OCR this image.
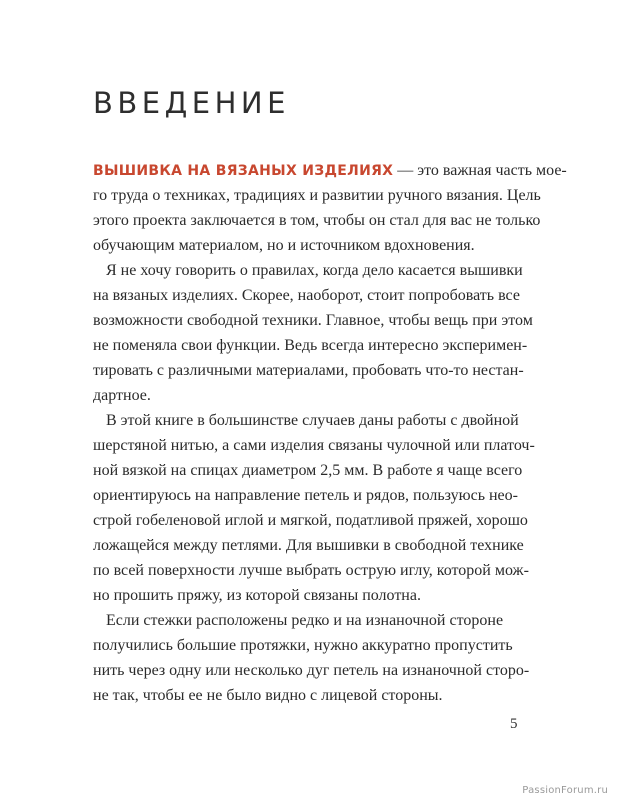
ВВЕДЕНИЕ
ВЫШИВКА НА ВЯЗАНЫХ ИЗДЕЛИЯХ — это важная часть мое-
го труда о техниках, традициях и развитии ручного вязания. Цель
этого проекта заключается в том, чтобы он стал для вас не только
обучающим материалом, но и источником вдохновения.
Я не хочу говорить о правилах, когда дело касается вышивки
на вязаных изделиях. Скорее, наоборот, стоит попробовать все
возможности свободной техники. Главное, чтобы вещь при этом
не поменяла свои функции. Ведь всегда интересно эксперимен-
тировать с различными материалами, пробовать что-то нестан-
дартное.
В этой книге в большинстве случаев даны работы с двойной
шерстяной нитью, а сами изделия связаны чулочной или платоч-
ной вязкой на спицах диаметром 2,5 мм. В работе я чаще всего
ориентируюсь на направление петель и рядов, пользуюсь нео-
строй гобеленовой иглой и мягкой, податливой пряжей, хорошо
ложащейся между петлями. Для вышивки в свободной технике
по всей поверхности лучше выбрать острую иглу, которой мож-
но прошить пряжу, из которой связаны полотна.
Если стежки расположены редко и на изнаночной стороне
получились большие протяжки, нужно аккуратно пропустить
нить через одну или несколько дуг петель на изнаночной сторо-
не так, чтобы ее не было видно с лицевой стороны.
5
PassionForum.ru
